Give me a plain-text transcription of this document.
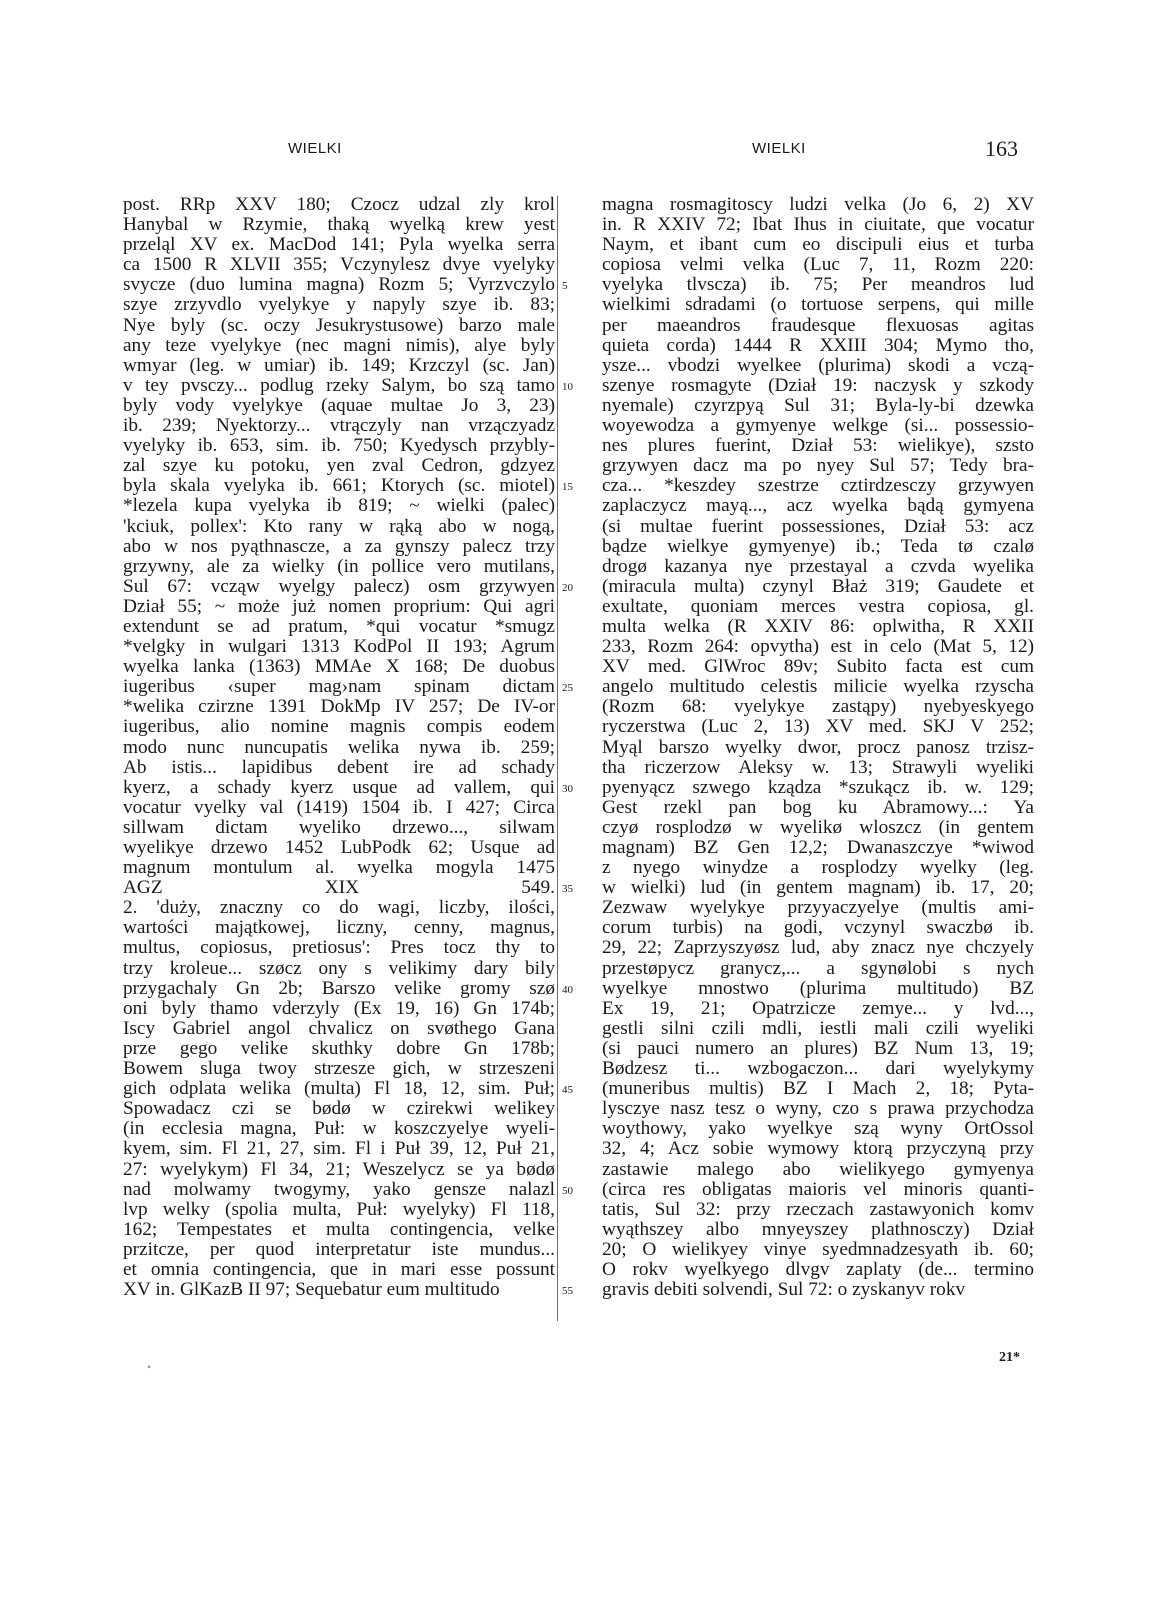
WIELKI	WIELKI	163
post. RRp XXV 180; Czocz udzal zly krol
Hanybal w Rzymie, thaką wyelką krew yest
przeląl XV ex. MacDod 141; Pyla wyelka serra
ca 1500 R XLVII 355; Vczynylesz dvye vyelyky
svycze (duo lumina magna) Rozm 5; Vyrzvczylo
szye zrzyvdlo vyelykye y napyly szye ib. 83;
Nye byly (sc. oczy Jesukrystusowe) barzo male
any teze vyelykye (nec magni nimis), alye byly
wmyar (leg. w umiar) ib. 149; Krzczyl (sc. Jan)
v tey pvsczy... podlug rzeky Salym, bo szą tamo
byly vody vyelykye (aquae multae Jo 3, 23)
ib. 239; Nyektorzy... vtrączyly nan vrzączyadz
vyelyky ib. 653, sim. ib. 750; Kyedysch przybly-
zal szye ku potoku, yen zval Cedron, gdzyez
byla skala vyelyka ib. 661; Ktorych (sc. miotel)
*lezela kupa vyelyka ib 819; ~ wielki (palec)
'kciuk, pollex': Kto rany w rąką abo w nogą,
abo w nos pyąthnascze, a za gynszy palecz trzy
grzywny, ale za wielky (in pollice vero mutilans,
Sul 67: vcząw wyelgy palecz) osm grzywyen
Dział 55; ~ może już nomen proprium: Qui agri
extendunt se ad pratum, *qui vocatur *smugz
*velgky in wulgari 1313 KodPol II 193; Agrum
wyelka lanka (1363) MMAe X 168; De duobus
iugeribus ‹super mag›nam spinam dictam
*welika czirzne 1391 DokMp IV 257; De IV-or
iugeribus, alio nomine magnis compis eodem
modo nunc nuncupatis welika nywa ib. 259;
Ab istis... lapidibus debent ire ad schady
kyerz, a schady kyerz usque ad vallem, qui
vocatur vyelky val (1419) 1504 ib. I 427; Circa
sillwam dictam wyeliko drzewo..., silwam
wyelikye drzewo 1452 LubPodk 62; Usque ad
magnum montulum al. wyelka mogyla 1475
AGZ XIX 549.
2. 'duży, znaczny co do wagi, liczby, ilości,
wartości majątkowej, liczny, cenny, magnus,
multus, copiosus, pretiosus': Pres tocz thy to
trzy kroleue... szøcz ony s velikimy dary bily
przygachaly Gn 2b; Barszo velike gromy szø
oni byly thamo vderzyly (Ex 19, 16) Gn 174b;
Iscy Gabriel angol chvalicz on svøthego Gana
prze gego velike skuthky dobre Gn 178b;
Bowem sluga twoy strzesze gich, w strzeszeni
gich odplata welika (multa) Fl 18, 12, sim. Puł;
Spowadacz czi se bødø w czirekwi welikey
(in ecclesia magna, Puł: w koszczyelye wyeli-
kyem, sim. Fl 21, 27, sim. Fl i Puł 39, 12, Puł 21,
27: wyelykym) Fl 34, 21; Weszelycz se ya bødø
nad molwamy twogymy, yako gensze nalazl
lvp welky (spolia multa, Puł: wyelyky) Fl 118,
162; Tempestates et multa contingencia, velke
przitcze, per quod interpretatur iste mundus...
et omnia contingencia, que in mari esse possunt
XV in. GlKazB II 97; Sequebatur eum multitudo
5
10
15
20
25
30
35
40
45
50
55
magna rosmagitoscy ludzi velka (Jo 6, 2) XV
in. R XXIV 72; Ibat Ihus in ciuitate, que vocatur
Naym, et ibant cum eo discipuli eius et turba
copiosa velmi velka (Luc 7, 11, Rozm 220:
vyelyka tlvscza) ib. 75; Per meandros lud
wielkimi sdradami (o tortuose serpens, qui mille
per maeandros fraudesque flexuosas agitas
quieta corda) 1444 R XXIII 304; Mymo tho,
ysze... vbodzi wyelkee (plurima) skodi a vczą-
szenye rosmagyte (Dział 19: naczysk y szkody
nyemale) czyrzpyą Sul 31; Byla-ly-bi dzewka
woyewodza a gymyenye welkge (si... possessio-
nes plures fuerint, Dział 53: wielikye), szsto
grzywyen dacz ma po nyey Sul 57; Tedy bra-
cza... *keszdey szestrze cztirdzesczy grzywyen
zaplaczycz mayą..., acz wyelka bądą gymyena
(si multae fuerint possessiones, Dział 53: acz
bądze wielkye gymyenye) ib.; Teda tø czalø
drogø kazanya nye przestayal a czvda wyelika
(miracula multa) czynyl Błaż 319; Gaudete et
exultate, quoniam merces vestra copiosa, gl.
multa welka (R XXIV 86: oplwitha, R XXII
233, Rozm 264: opvytha) est in celo (Mat 5, 12)
XV med. GlWroc 89v; Subito facta est cum
angelo multitudo celestis milicie wyelka rzyscha
(Rozm 68: vyelykye zastąpy) nyebyeskyego
ryczerstwa (Luc 2, 13) XV med. SKJ V 252;
Myąl barszo wyelky dwor, procz panosz trzisz-
tha riczerzow Aleksy w. 13; Strawyli wyeliki
pyenyącz szwego kządza *szukącz ib. w. 129;
Gest rzekl pan bog ku Abramowy...: Ya
czyø rosplodzø w wyelikø wloszcz (in gentem
magnam) BZ Gen 12,2; Dwanaszczye *wiwod
z nyego winydze a rosplodzy wyelky (leg.
w wielki) lud (in gentem magnam) ib. 17, 20;
Zezwaw wyelykye przyyaczyelye (multis ami-
corum turbis) na godi, vczynyl swaczbø ib.
29, 22; Zaprzyszyøsz lud, aby znacz nye chczyely
przestøpycz granycz,... a sgynølobi s nych
wyelkye mnostwo (plurima multitudo) BZ
Ex 19, 21; Opatrzicze zemye... y lvd...,
gestli silni czili mdli, iestli mali czili wyeliki
(si pauci numero an plures) BZ Num 13, 19;
Bødzesz ti... wzbogaczon... dari wyelykymy
(muneribus multis) BZ I Mach 2, 18; Pyta-
lysczye nasz tesz o wyny, czo s prawa przychodza
woythowy, yako wyelkye szą wyny OrtOssol
32, 4; Acz sobie wymowy ktorą przyczyną przy
zastawie malego abo wielikyego gymyenya
(circa res obligatas maioris vel minoris quanti-
tatis, Sul 32: przy rzeczach zastawyonich komv
wyąthszey albo mnyeyszey plathnosczy) Dział
20; O wielikyey vinye syedmnadzesyath ib. 60;
O rokv wyelkyego dlvgv zaplaty (de... termino
gravis debiti solvendi, Sul 72: o zyskanyv rokv
•
21*
